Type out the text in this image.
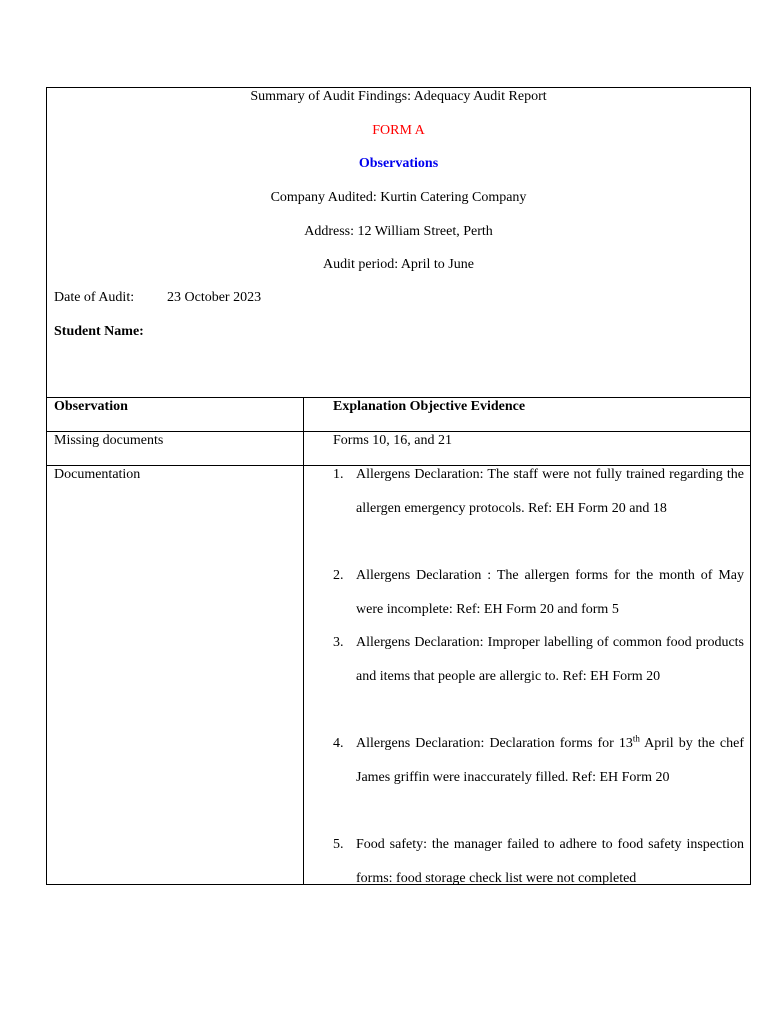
Summary of Audit Findings: Adequacy Audit Report
FORM A
Observations
Company Audited: Kurtin Catering Company
Address: 12 William Street, Perth
Audit period: April to June
Date of Audit: 23 October 2023
Student Name:
Observation	Explanation Objective Evidence
Missing documents	Forms 10, 16, and 21
Documentation	1. Allergens Declaration: The staff were not fully trained regarding the allergen emergency protocols. Ref: EH Form 20 and 18
2. Allergens Declaration : The allergen forms for the month of May were incomplete: Ref: EH Form 20 and form 5
3. Allergens Declaration: Improper labelling of common food products and items that people are allergic to. Ref: EH Form 20
4. Allergens Declaration: Declaration forms for 13th April by the chef James griffin were inaccurately filled. Ref: EH Form 20
5. Food safety: the manager failed to adhere to food safety inspection forms: food storage check list were not completed
